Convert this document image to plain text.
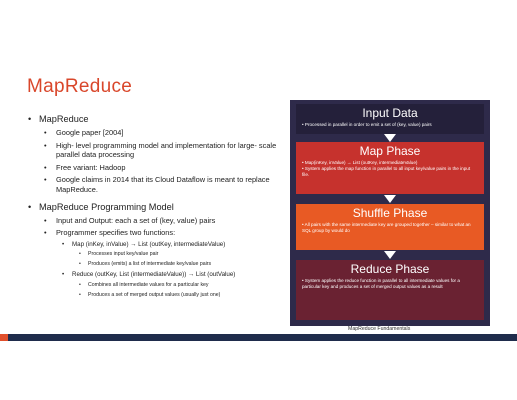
MapReduce
• MapReduce
• Google paper [2004]
• High- level programming model and implementation for large- scale parallel data processing
• Free variant: Hadoop
• Google claims in 2014 that its Cloud Dataflow is meant to replace MapReduce.
• MapReduce Programming Model
• Input and Output: each a set of (key, value) pairs
• Programmer specifies two functions:
• Map (inKey, inValue) → List (outKey, intermediateValue)
• Processes input key/value pair
• Produces (emits) a list of intermediate key/value pairs
• Reduce (outKey, List (intermediateValue)) → List (outValue)
• Combines all intermediate values for a particular key
• Produces a set of merged output values (usually just one)
Input Data
• Processed in parallel in order to emit a set of (key, value) pairs
Map Phase
• Map(inKey, inValue) → List (outKey, intermediateValue)
• System applies the map function in parallel to all input key/value pairs in the input file.
Shuffle Phase
• All pairs with the same intermediate key are grouped together – similar to what an SQL group by would do
Reduce Phase
• System applies the reduce function in parallel to all intermediate values for a particular key and produces a set of merged output values as a result
MapReduce Fundamentals
